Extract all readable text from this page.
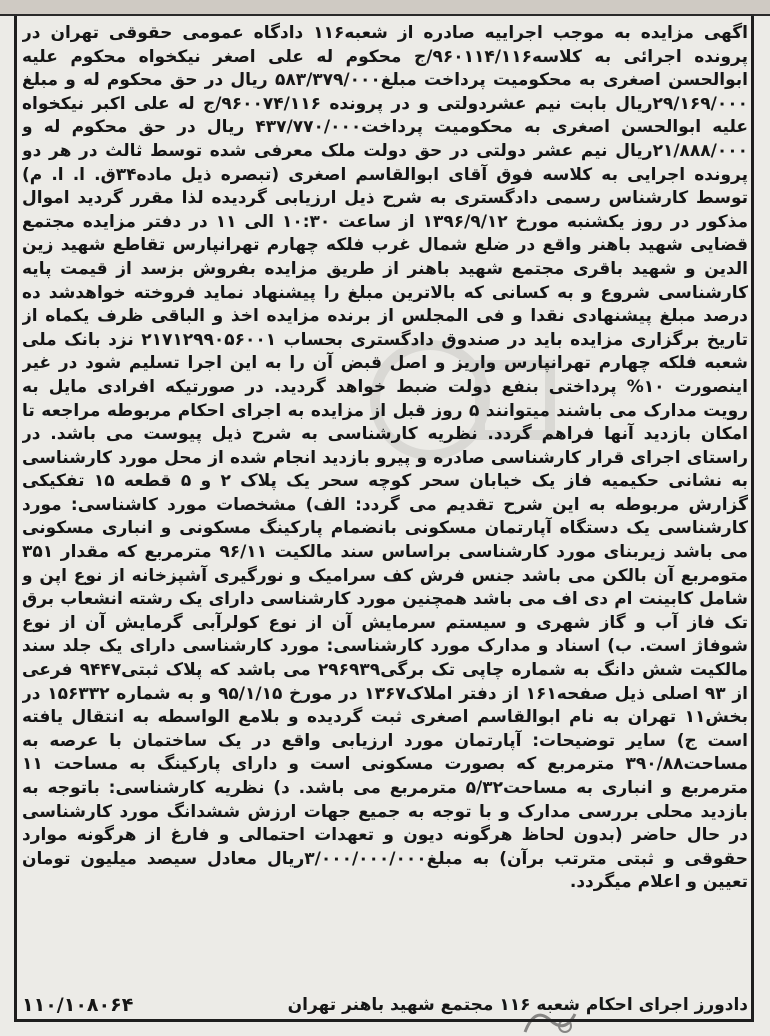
اگهی مزایده به موجب اجراییه صادره از شعبه۱۱۶ دادگاه عمومی حقوقی تهران در پرونده اجرائی به کلاسه۹۶۰۱۱۴/۱۱۶/ج محکوم له علی اصغر نیکخواه محکوم علیه ابوالحسن اصغری به محکومیت پرداخت مبلغ۵۸۳/۳۷۹/۰۰۰ ریال در حق محکوم له و مبلغ ۲۹/۱۶۹/۰۰۰ریال بابت نیم عشردولتی و در پرونده ۹۶۰۰۷۴/۱۱۶/ج له علی اکبر نیکخواه علیه ابوالحسن اصغری به محکومیت پرداخت۴۳۷/۷۷۰/۰۰۰ ریال در حق محکوم له و ۲۱/۸۸۸/۰۰۰ریال نیم عشر دولتی در حق دولت ملک معرفی شده توسط ثالث در هر دو پرونده اجرایی به کلاسه فوق آقای ابوالقاسم اصغری (تبصره ذیل ماده۳۴ق. ا. ا. م) توسط کارشناس رسمی دادگستری به شرح ذیل ارزیابی گردیده لذا مقرر گردید اموال مذکور در روز یکشنبه مورخ ۱۳۹۶/۹/۱۲ از ساعت ۱۰:۳۰ الی ۱۱ در دفتر مزایده مجتمع قضایی شهید باهنر واقع در ضلع شمال غرب فلکه چهارم تهرانپارس تقاطع شهید زین الدین و شهید باقری مجتمع شهید باهنر از طریق مزایده بفروش بزسد از قیمت پایه کارشناسی شروع و به کسانی که بالاترین مبلغ را پیشنهاد نماید فروخته خواهدشد ده درصد مبلغ پیشنهادی نقدا و فی المجلس از برنده مزایده اخذ و الباقی ظرف یکماه از تاریخ برگزاری مزایده باید در صندوق دادگستری بحساب ۲۱۷۱۲۹۹۰۵۶۰۰۱ نزد بانک ملی شعبه فلکه چهارم تهرانپارس واریز و اصل قبض آن را به این اجرا تسلیم شود در غیر اینصورت ۱۰% پرداختی بنفع دولت ضبط خواهد گردید. در صورتیکه افرادی مایل به رویت مدارک می باشند میتوانند ۵ روز قبل از مزایده به اجرای احکام مربوطه مراجعه تا امکان بازدید آنها فراهم گردد. نظریه کارشناسی به شرح ذیل پیوست می باشد. در راستای اجرای قرار کارشناسی صادره و پیرو بازدید انجام شده از محل مورد کارشناسی به نشانی حکیمیه فاز یک خیابان سحر کوچه سحر یک پلاک ۲ و ۵ قطعه ۱۵ تفکیکی گزارش مربوطه به این شرح تقدیم می گردد: الف) مشخصات مورد کاشناسی: مورد کارشناسی یک دستگاه آپارتمان مسکونی بانضمام پارکینگ مسکونی و انباری مسکونی می باشد زیربنای مورد کارشناسی براساس سند مالکیت ۹۶/۱۱ مترمربع که مقدار ۳۵۱ متومربع آن بالکن می باشد جنس فرش کف سرامیک و نورگیری آشپزخانه از نوع اپن و شامل کابینت ام دی اف می باشد همچنین مورد کارشناسی دارای یک رشته انشعاب برق تک فاز آب و گاز شهری و سیستم سرمایش آن از نوع کولرآبی گرمایش آن از نوع شوفاژ است. ب) اسناد و مدارک مورد کارشناسی: مورد کارشناسی دارای یک جلد سند مالکیت شش دانگ به شماره چاپی تک برگی۲۹۶۹۳۹ می باشد که پلاک ثبتی۹۴۴۷ فرعی از ۹۳ اصلی ذیل صفحه۱۶۱ از دفتر املاک۱۳۶۷ در مورخ ۹۵/۱/۱۵ و به شماره ۱۵۶۳۳۲ در بخش۱۱ تهران به نام ابوالقاسم اصغری ثبت گردیده و بلامع الواسطه به انتقال یافته است ج) سایر توضیحات: آپارتمان مورد ارزیابی واقع در یک ساختمان با عرصه به مساحت۳۹۰/۸۸ مترمربع که بصورت مسکونی است و دارای پارکینگ به مساحت ۱۱ مترمربع و انباری به مساحت۵/۳۲ مترمربع می باشد. د) نظریه کارشناسی: باتوجه به بازدید محلی بررسی مدارک و با توجه به جمیع جهات ارزش ششدانگ مورد کارشناسی در حال حاضر (بدون لحاظ هرگونه دیون و تعهدات احتمالی و فارغ از هرگونه موارد حقوقی و ثبتی مترتب برآن) به مبلغ۳/۰۰۰/۰۰۰/۰۰۰ریال معادل سیصد میلیون تومان تعیین و اعلام میگردد.
دادورز اجرای احکام شعبه ۱۱۶ مجتمع شهید باهنر تهران
۱۱۰/۱۰۸۰۶۴
